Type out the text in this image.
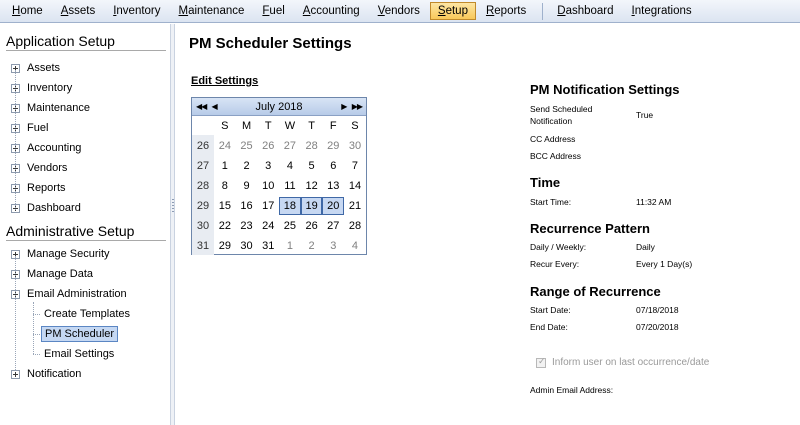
Home	Assets	Inventory	Maintenance	Fuel	Accounting	Vendors	Setup	Reports	Dashboard	Integrations
Application Setup
Assets
Inventory
Maintenance
Fuel
Accounting
Vendors
Reports
Dashboard
Administrative Setup
Manage Security
Manage Data
Email Administration
Create Templates
PM Scheduler
Email Settings
Notification
PM Scheduler Settings
Edit Settings
◀◀ ◀	July 2018	▶ ▶▶
S	M	T	W	T	F	S
26 24 25 26 27 28 29 30
27	1	2	3	4	5	6	7
28	8	9	10 11 12 13 14
29 15 16 17 18 19 20 21
30 22 23 24 25 26 27 28
31 29 30 31	1	2	3	4
PM Notification Settings
Send Scheduled Notification
True
CC Address
BCC Address
Time
Start Time:	11:32 AM
Recurrence Pattern
Daily / Weekly:	Daily
Recur Every:	Every 1 Day(s)
Range of Recurrence
Start Date:	07/18/2018
End Date:	07/20/2018
✓
Inform user on last occurrence/date
Admin Email Address:
